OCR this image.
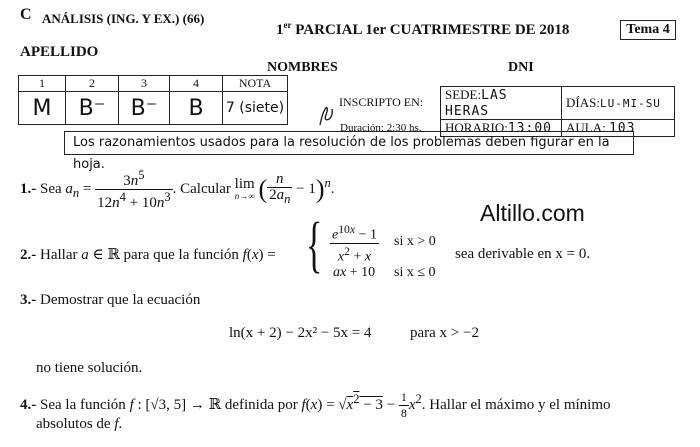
C ANÁLISIS (ING. Y EX.) (66)
1er PARCIAL 1er CUATRIMESTRE DE 2018	Tema 4
APELLIDO
NOMBRES	DNI
1	2	3	4	NOTA
M	B⁻	B⁻	B	7 (siete)	INSCRIPTO EN:
Duración: 2:30 hs.
SEDE:LAS HERAS	DÍAS:LU-MI-SU
HORARIO:13:00	AULA: 103
Los razonamientos usados para la resolución de los problemas deben figurar en la hoja.
Altillo.com
1.- Sea $a_n = \frac{3n^5}{12n^4 + 10n^3}$ . Calcular lim
n→∞ ( $\frac{n}{2a_n} - 1)^n$.
2.- Hallar a ∈ ℝ para que la función f(x) = { $\frac{e^{10x} - 1}{x^2 + x}$ si x > 0
ax + 10 si x ≤ 0
sea derivable en x = 0.
3.- Demostrar que la ecuación
ln(x + 2) − 2x² − 5x = 4	para x > −2
no tiene solución.
4.- Sea la función f : [√3, 5] → ℝ definida por $f(x) = √x^2 - 3 - \frac{1}{8} x^2$. Hallar el máximo y el mínimo
absolutos de f.
